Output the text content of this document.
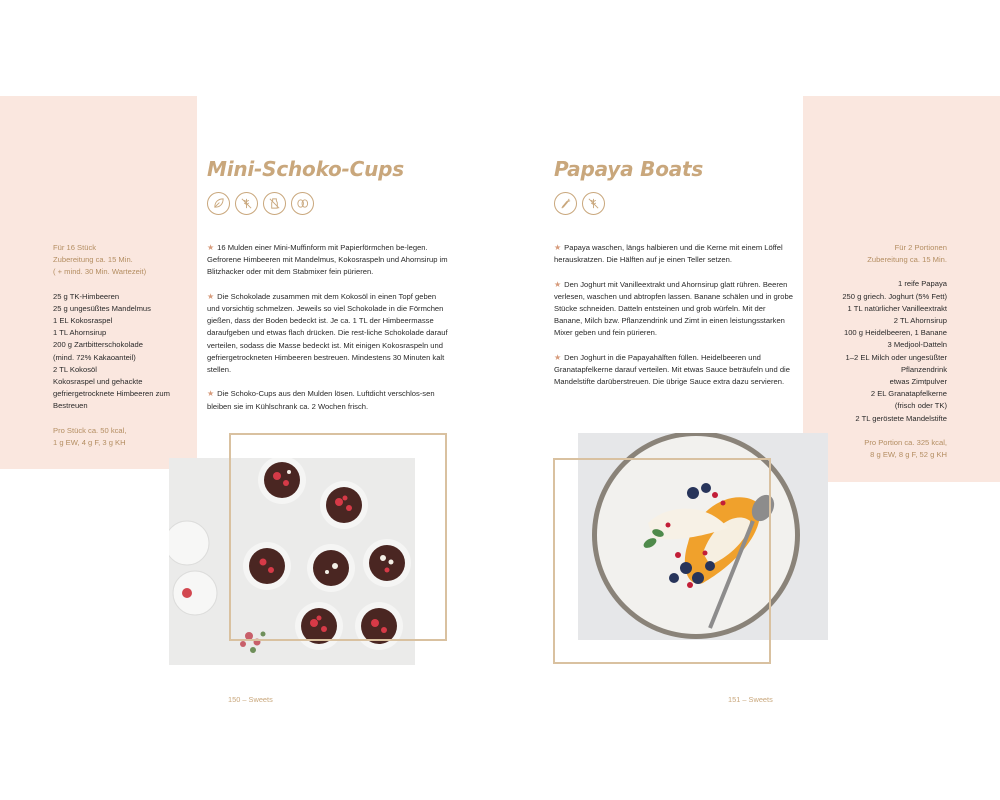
Für 16 Stück
Zubereitung ca. 15 Min.
( + mind. 30 Min. Wartezeit)
25 g TK-Himbeeren
25 g ungesüßtes Mandelmus
1 EL Kokosraspel
1 TL Ahornsirup
200 g Zartbitterschokolade
(mind. 72% Kakaoanteil)
2 TL Kokosöl
Kokosraspel und gehackte
gefriergetrocknete Himbeeren zum
Bestreuen
Pro Stück ca. 50 kcal,
1 g EW, 4 g F, 3 g KH
Für 2 Portionen
Zubereitung ca. 15 Min.
1 reife Papaya
250 g griech. Joghurt (5% Fett)
1 TL natürlicher Vanilleextrakt
2 TL Ahornsirup
100 g Heidelbeeren, 1 Banane
3 Medjool-Datteln
1–2 EL Milch oder ungesüßter
Pflanzendrink
etwas Zimtpulver
2 EL Granatapfelkerne
(frisch oder TK)
2 TL geröstete Mandelstifte
Pro Portion ca. 325 kcal,
8 g EW, 8 g F, 52 g KH
Mini-Schoko-Cups	Papaya Boats

★ 16 Mulden einer Mini-Muffinform mit Papierförmchen be-legen. Gefrorene Himbeeren mit Mandelmus, Kokosraspeln und Ahornsirup im Blitzhacker oder mit dem Stabmixer fein pürieren.

★ Die Schokolade zusammen mit dem Kokosöl in einen Topf geben und vorsichtig schmelzen. Jeweils so viel Schokolade in die Förmchen gießen, dass der Boden bedeckt ist. Je ca. 1 TL der Himbeermasse daraufgeben und etwas flach drücken. Die rest-liche Schokolade darauf verteilen, sodass die Masse bedeckt ist. Mit einigen Kokosraspeln und gefriergetrockneten Himbeeren bestreuen. Mindestens 30 Minuten kalt stellen.

★ Die Schoko-Cups aus den Mulden lösen. Luftdicht verschlos-sen bleiben sie im Kühlschrank ca. 2 Wochen frisch.

★ Papaya waschen, längs halbieren und die Kerne mit einem Löffel herauskratzen. Die Hälften auf je einen Teller setzen.

★ Den Joghurt mit Vanilleextrakt und Ahornsirup glatt rühren. Beeren verlesen, waschen und abtropfen lassen. Banane schälen und in grobe Stücke schneiden. Datteln entsteinen und grob würfeln. Mit der Banane, Milch bzw. Pflanzendrink und Zimt in einen leistungsstarken Mixer geben und fein pürieren.

★ Den Joghurt in die Papayahälften füllen. Heidelbeeren und Granatapfelkerne darauf verteilen. Mit etwas Sauce beträufeln und die Mandelstifte darüberstreuen. Die übrige Sauce extra dazu servieren.

150 – Sweets	151 – Sweets
